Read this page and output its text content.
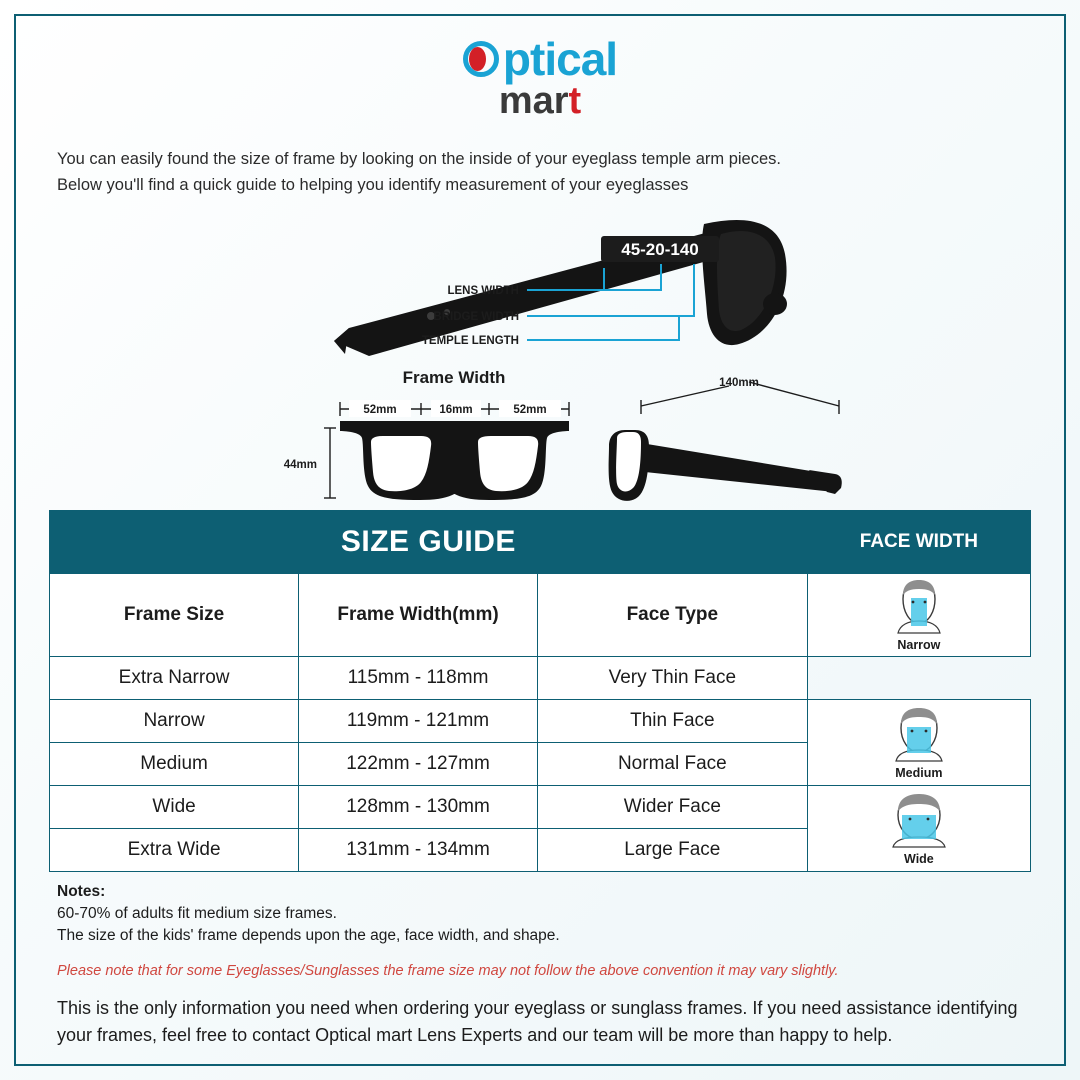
ptical
mart
You can easily found the size of frame by looking on the inside of your eyeglass temple arm pieces.
Below you'll find a quick guide to helping you identify measurement of your eyeglasses
45-20-140
LENS WIDTH
BRIDGE WIDTH
TEMPLE LENGTH
Frame Width
52mm	16mm	52mm
44mm
140mm
SIZE GUIDE			FACE WIDTH
Frame Size	Frame Width(mm)	Face Type	Narrow

Extra Narrow	115mm - 118mm	Very Thin Face	
Narrow	119mm - 121mm	Thin Face	Medium

Medium	122mm - 127mm	Normal Face	
Wide	128mm - 130mm	Wider Face	Wide

Extra Wide	131mm - 134mm	Large Face	
Notes:
60-70% of adults fit medium size frames.
The size of the kids' frame depends upon the age, face width, and shape.
Please note that for some Eyeglasses/Sunglasses the frame size may not follow the above convention it may vary slightly.
This is the only information you need when ordering your eyeglass or sunglass frames. If you need assistance identifying your frames, feel free to contact Optical mart Lens Experts and our team will be more than happy to help.
